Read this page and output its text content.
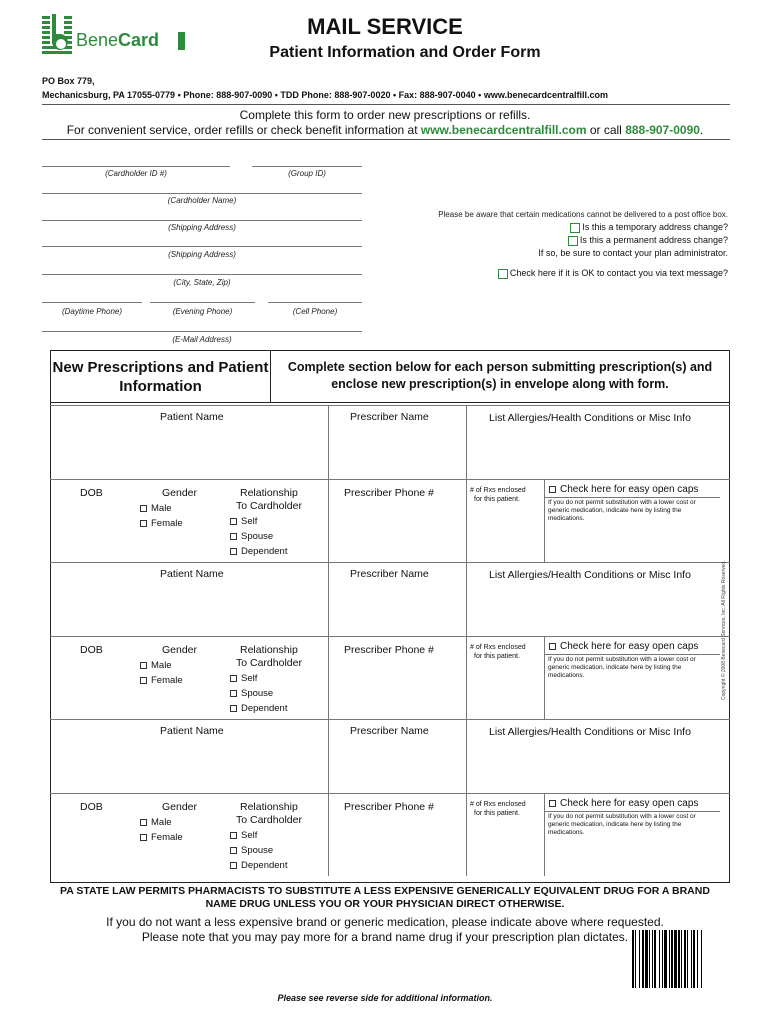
BeneCard
MAIL SERVICE
Patient Information and Order Form
PO Box 779,
Mechanicsburg, PA 17055-0779 • Phone: 888-907-0090 • TDD Phone: 888-907-0020 • Fax: 888-907-0040 • www.benecardcentralfill.com
Complete this form to order new prescriptions or refills.
For convenient service, order refills or check benefit information at www.benecardcentralfill.com or call 888-907-0090.
(Cardholder ID #)	(Group ID)
(Cardholder Name)
(Shipping Address)
(Shipping Address)
(City, State, Zip)
(Daytime Phone)	(Evening Phone)	(Cell Phone)
(E-Mail Address)
Please be aware that certain medications cannot be delivered to a post office box.
Is this a temporary address change?
Is this a permanent address change?
If so, be sure to contact your plan administrator.
Check here if it is OK to contact you via text message?
New Prescriptions and Patient Information
Complete section below for each person submitting prescription(s) and enclose new prescription(s) in envelope along with form.
Patient Name	Prescriber Name	List Allergies/Health Conditions or Misc Info
DOB	Gender
Male
Female
Relationship
To Cardholder
Self
Spouse
Dependent
Prescriber Phone #	# of Rxs enclosed
for this patient.
Check here for easy open caps
If you do not permit substitution with a lower cost or generic medication, indicate here by listing the medications.
Patient Name	Prescriber Name	List Allergies/Health Conditions or Misc Info
DOB	Gender
Male
Female
Relationship
To Cardholder
Self
Spouse
Dependent
Prescriber Phone #	# of Rxs enclosed
for this patient.
Check here for easy open caps
If you do not permit substitution with a lower cost or generic medication, indicate here by listing the medications.
Patient Name	Prescriber Name	List Allergies/Health Conditions or Misc Info
DOB	Gender
Male
Female
Relationship
To Cardholder
Self
Spouse
Dependent
Prescriber Phone #	# of Rxs enclosed
for this patient.
Check here for easy open caps
If you do not permit substitution with a lower cost or generic medication, indicate here by listing the medications.
Copyright © 2008 Benecard Services, Inc. All Rights Reserved.
PA STATE LAW PERMITS PHARMACISTS TO SUBSTITUTE A LESS EXPENSIVE GENERICALLY EQUIVALENT DRUG FOR A BRAND
NAME DRUG UNLESS YOU OR YOUR PHYSICIAN DIRECT OTHERWISE.
If you do not want a less expensive brand or generic medication, please indicate above where requested.
Please note that you may pay more for a brand name drug if your prescription plan dictates.
Please see reverse side for additional information.
